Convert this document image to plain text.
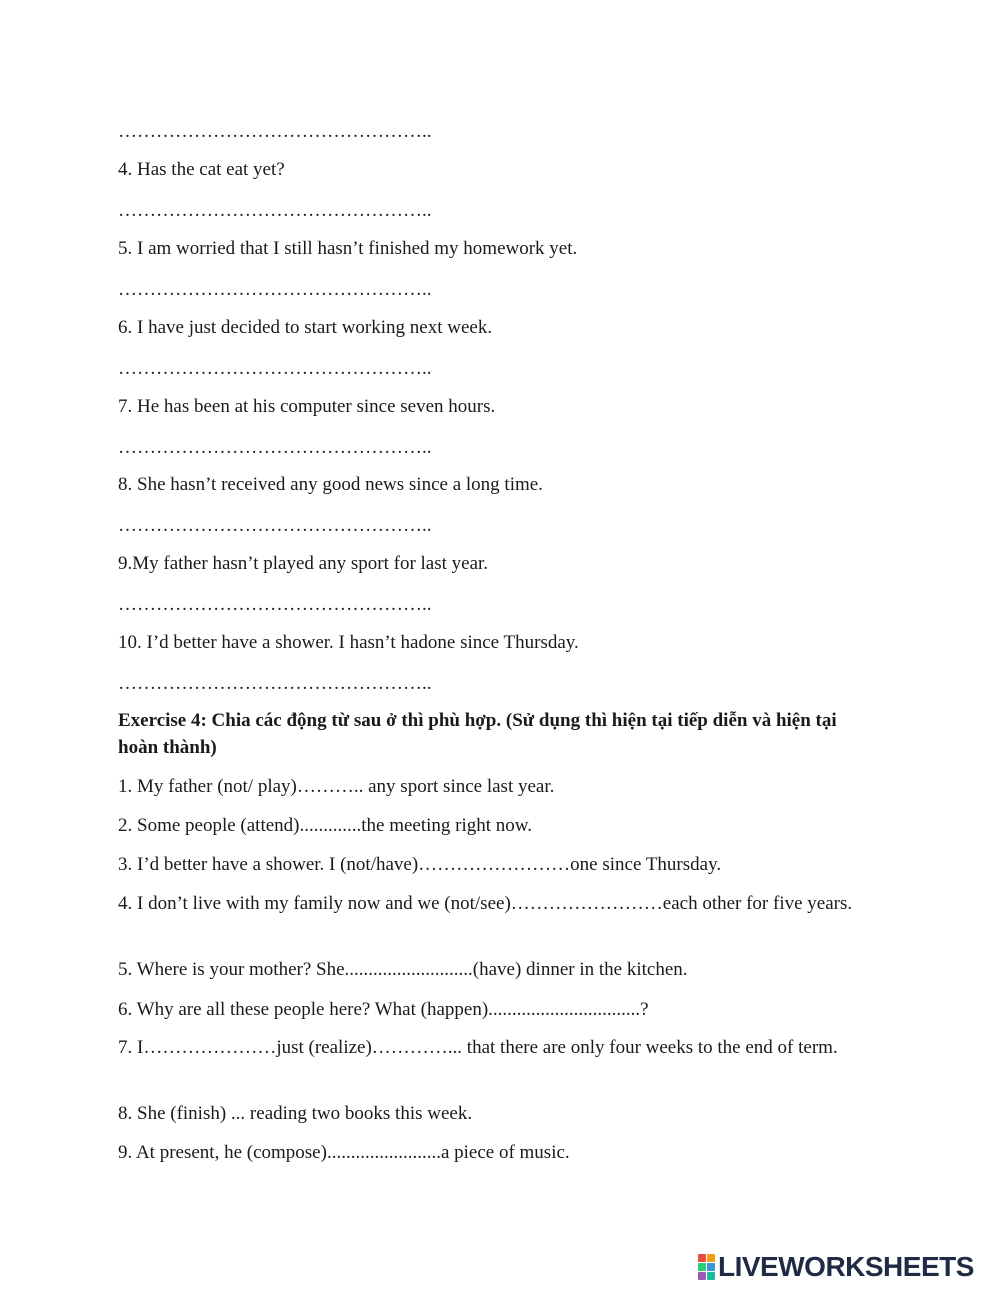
…………………………………………..
4. Has the cat eat yet?
…………………………………………..
5. I am worried that I still hasn’t finished my homework yet.
…………………………………………..
6. I have just decided to start working next week.
…………………………………………..
7. He has been at his computer since seven hours.
…………………………………………..
8. She hasn’t received any good news since a long time.
…………………………………………..
9.My father hasn’t played any sport for last year.
…………………………………………..
10. I’d better have a shower. I hasn’t hadone since Thursday.
…………………………………………..
Exercise 4: Chia các động từ sau ở thì phù hợp. (Sử dụng thì hiện tại tiếp diễn và hiện tại hoàn thành)
1. My father (not/ play)……….. any sport since last year.
2. Some people (attend).............the meeting right now.
3. I’d better have a shower. I (not/have)……………………one since Thursday.
4. I don’t live with my family now and we (not/see)……………………each other for five years.
5. Where is your mother? She...........................(have) dinner in the kitchen.
6. Why are all these people here? What (happen)................................?
7. I…………………just (realize)…………... that there are only four weeks to the end of term.
8. She (finish) ... reading two books this week.
9. At present, he (compose)........................a piece of music.
LIVEWORKSHEETS
